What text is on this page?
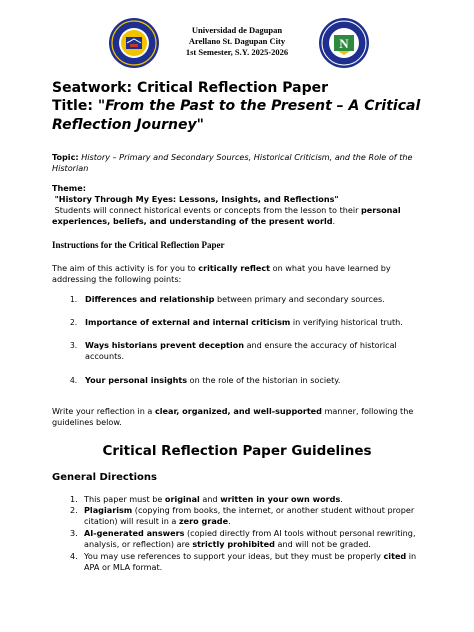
N
Universidad de Dagupan
Arellano St. Dagupan City
1st Semester, S.Y. 2025-2026
Seatwork: Critical Reflection Paper
Title: "From the Past to the Present – A Critical
Reflection Journey"
Topic: History – Primary and Secondary Sources, Historical Criticism, and the Role of the Historian
Theme:
"History Through My Eyes: Lessons, Insights, and Reflections"
Students will connect historical events or concepts from the lesson to their personal experiences, beliefs, and understanding of the present world.
Instructions for the Critical Reflection Paper
The aim of this activity is for you to critically reflect on what you have learned by addressing the following points:
1. Differences and relationship between primary and secondary sources.
2. Importance of external and internal criticism in verifying historical truth.
3. Ways historians prevent deception and ensure the accuracy of historical accounts.
4. Your personal insights on the role of the historian in society.
Write your reflection in a clear, organized, and well-supported manner, following the guidelines below.
Critical Reflection Paper Guidelines
General Directions
1. This paper must be original and written in your own words.
2. Plagiarism (copying from books, the internet, or another student without proper citation) will result in a zero grade.
3. AI-generated answers (copied directly from AI tools without personal rewriting, analysis, or reflection) are strictly prohibited and will not be graded.
4. You may use references to support your ideas, but they must be properly cited in APA or MLA format.
